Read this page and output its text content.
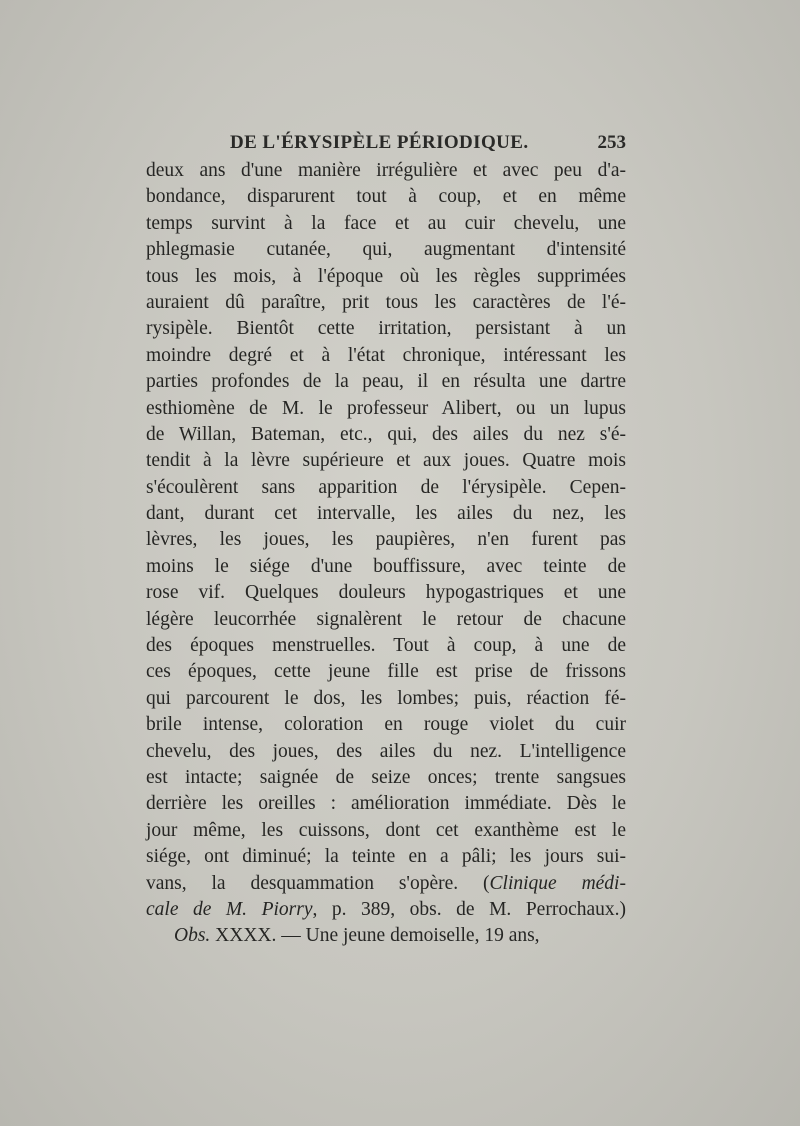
DE L'ÉRYSIPÈLE PÉRIODIQUE.	253
deux ans d'une manière irrégulière et avec peu d'a-
bondance, disparurent tout à coup, et en même
temps survint à la face et au cuir chevelu, une
phlegmasie cutanée, qui, augmentant d'intensité
tous les mois, à l'époque où les règles supprimées
auraient dû paraître, prit tous les caractères de l'é-
rysipèle. Bientôt cette irritation, persistant à un
moindre degré et à l'état chronique, intéressant les
parties profondes de la peau, il en résulta une dartre
esthiomène de M. le professeur Alibert, ou un lupus
de Willan, Bateman, etc., qui, des ailes du nez s'é-
tendit à la lèvre supérieure et aux joues. Quatre mois
s'écoulèrent sans apparition de l'érysipèle. Cepen-
dant, durant cet intervalle, les ailes du nez, les
lèvres, les joues, les paupières, n'en furent pas
moins le siége d'une bouffissure, avec teinte de
rose vif. Quelques douleurs hypogastriques et une
légère leucorrhée signalèrent le retour de chacune
des époques menstruelles. Tout à coup, à une de
ces époques, cette jeune fille est prise de frissons
qui parcourent le dos, les lombes; puis, réaction fé-
brile intense, coloration en rouge violet du cuir
chevelu, des joues, des ailes du nez. L'intelligence
est intacte; saignée de seize onces; trente sangsues
derrière les oreilles : amélioration immédiate. Dès le
jour même, les cuissons, dont cet exanthème est le
siége, ont diminué; la teinte en a pâli; les jours sui-
vans, la desquammation s'opère. (Clinique médi-
cale de M. Piorry, p. 389, obs. de M. Perrochaux.)
Obs. XXXX. — Une jeune demoiselle, 19 ans,
